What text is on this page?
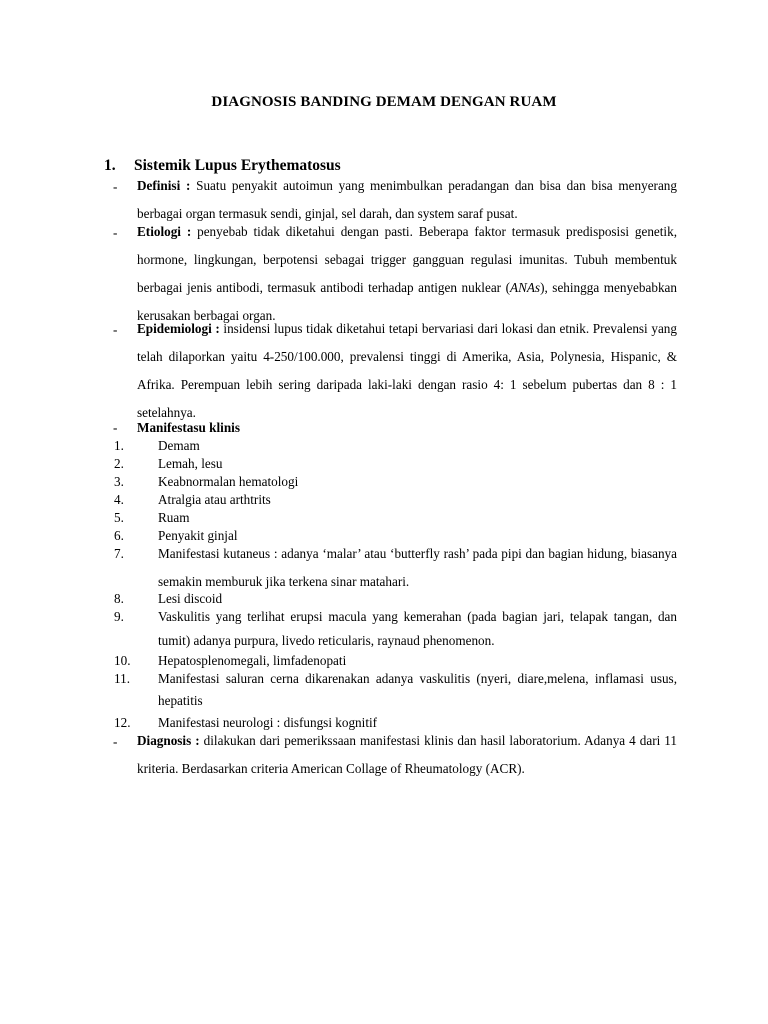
DIAGNOSIS BANDING DEMAM DENGAN RUAM
1. Sistemik Lupus Erythematosus
- Definisi : Suatu penyakit autoimun yang menimbulkan peradangan dan bisa dan bisa menyerang berbagai organ termasuk sendi, ginjal, sel darah, dan system saraf pusat.
- Etiologi : penyebab tidak diketahui dengan pasti. Beberapa faktor termasuk predisposisi genetik, hormone, lingkungan, berpotensi sebagai trigger gangguan regulasi imunitas. Tubuh membentuk berbagai jenis antibodi, termasuk antibodi terhadap antigen nuklear (ANAs), sehingga menyebabkan kerusakan berbagai organ.
- Epidemiologi : insidensi lupus tidak diketahui tetapi bervariasi dari lokasi dan etnik. Prevalensi yang telah dilaporkan yaitu 4-250/100.000, prevalensi tinggi di Amerika, Asia, Polynesia, Hispanic, & Afrika. Perempuan lebih sering daripada laki-laki dengan rasio 4: 1 sebelum pubertas dan 8 : 1 setelahnya.
- Manifestasu klinis
1.	Demam
2.	Lemah, lesu
3.	Keabnormalan hematologi
4.	Atralgia atau arthtrits
5.	Ruam
6.	Penyakit ginjal
7.	Manifestasi kutaneus : adanya ‘malar’ atau ‘butterfly rash’ pada pipi dan bagian hidung, biasanya semakin memburuk jika terkena sinar matahari.
8.	Lesi discoid
9.	Vaskulitis yang terlihat erupsi macula yang kemerahan (pada bagian jari, telapak tangan, dan tumit) adanya purpura, livedo reticularis, raynaud phenomenon.
10.	Hepatosplenomegali, limfadenopati
11.	Manifestasi saluran cerna dikarenakan adanya vaskulitis (nyeri, diare,melena, inflamasi usus, hepatitis
12.	Manifestasi neurologi : disfungsi kognitif
- Diagnosis : dilakukan dari pemerikssaan manifestasi klinis dan hasil laboratorium. Adanya 4 dari 11 kriteria. Berdasarkan criteria American Collage of Rheumatology (ACR).
